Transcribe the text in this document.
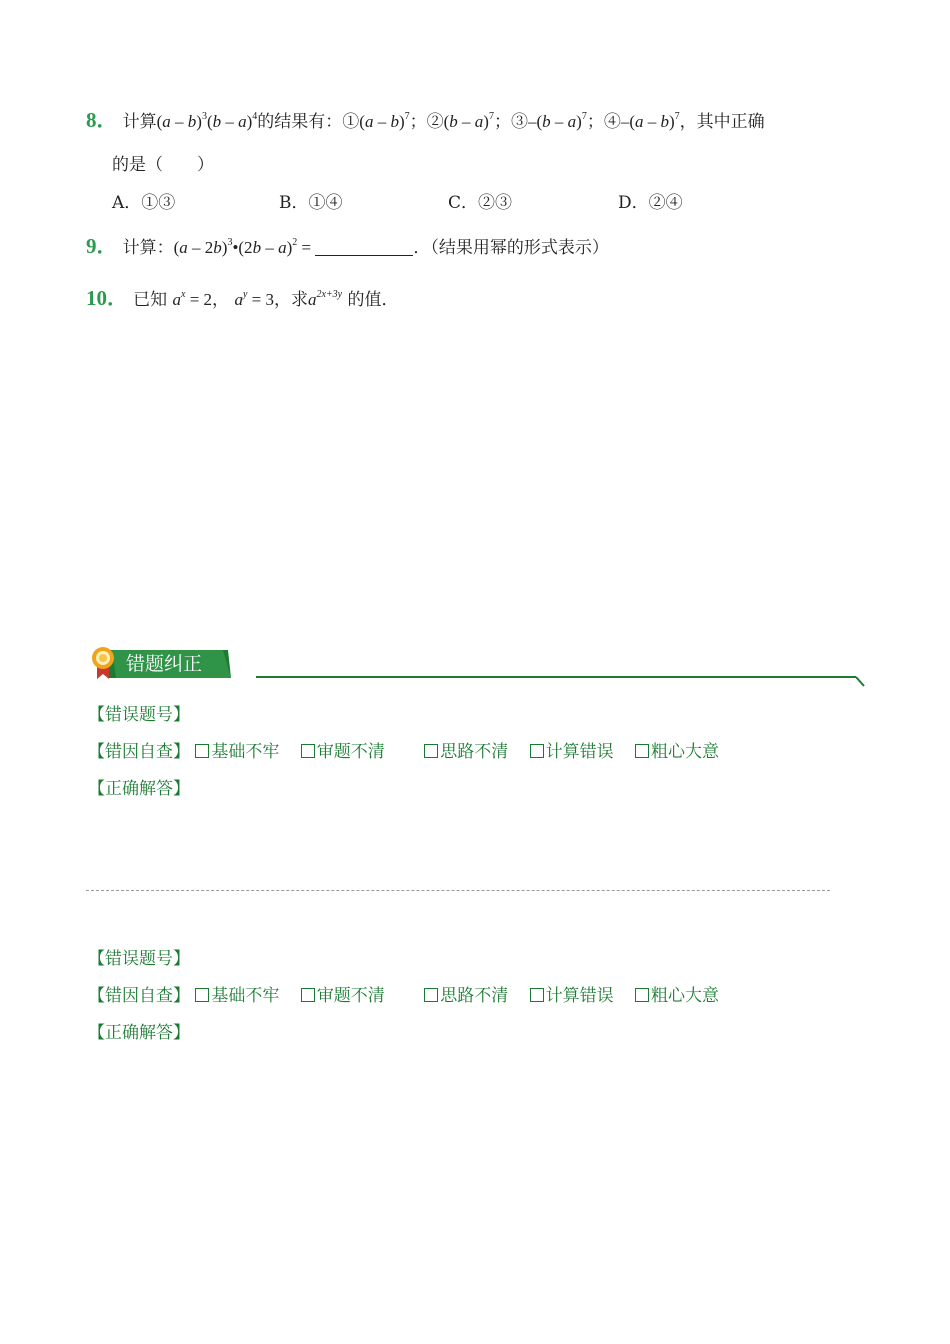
8． 计算(a – b)$^3$(b – a)$^4$的结果有：①(a – b)$^7$；②(b – a)$^7$；③–(b – a)$^7$；④–(a – b)$^7$，其中正确
的是（　　）
A．①③	B．①④	C．②③	D．②④
9． 计算：(a – 2b)$^3$•(2b – a)$^2$ =	．（结果用幂的形式表示）
10． 已知 $a^x = 2$， $a^y = 3$，求$a^{2x+3y}$ 的值．
错题纠正
【错误题号】
【错因自查】 基础不牢 审题不清	思路不清 计算错误 粗心大意
【正确解答】
【错误题号】
【错因自查】 基础不牢 审题不清	思路不清 计算错误 粗心大意
【正确解答】
